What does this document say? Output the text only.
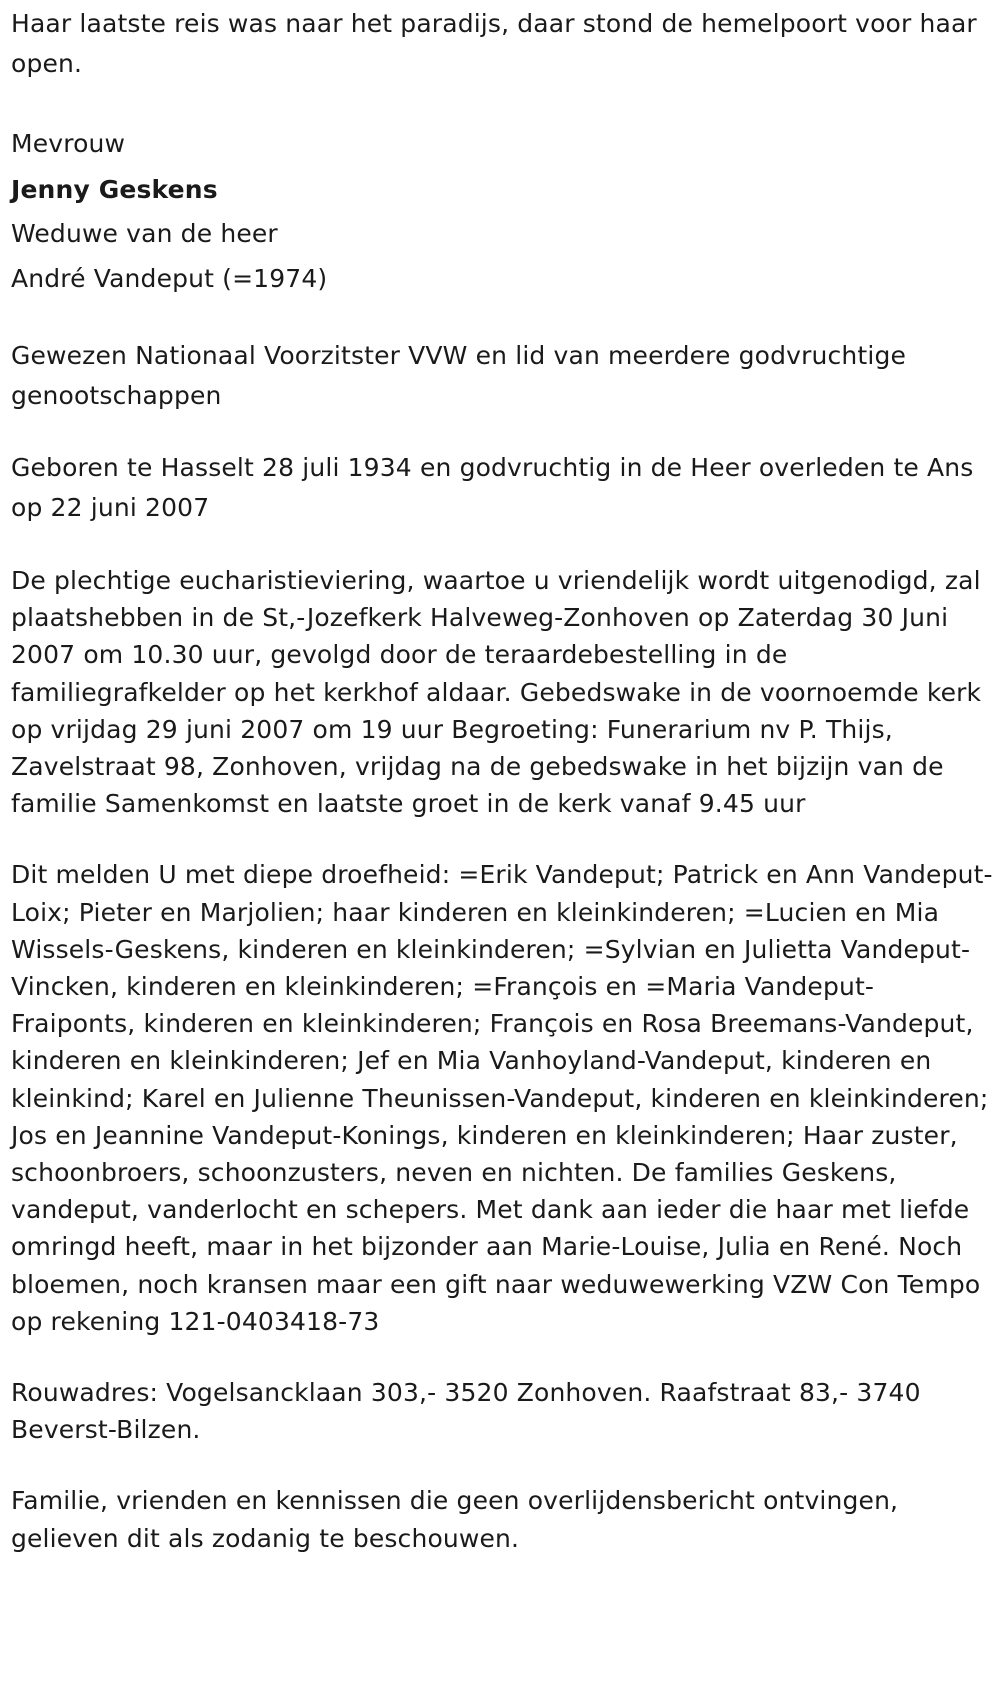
Haar laatste reis was naar het paradijs, daar stond de hemelpoort voor haar open.

Mevrouw

Jenny Geskens

Weduwe van de heer

André Vandeput (=1974)

Gewezen Nationaal Voorzitster VVW en lid van meerdere godvruchtige genootschappen

Geboren te Hasselt 28 juli 1934 en godvruchtig in de Heer overleden te Ans op 22 juni 2007

De plechtige eucharistieviering, waartoe u vriendelijk wordt uitgenodigd, zal plaatshebben in de St,-Jozefkerk Halveweg-Zonhoven op Zaterdag 30 Juni 2007 om 10.30 uur, gevolgd door de teraardebestelling in de familiegrafkelder op het kerkhof aldaar. Gebedswake in de voornoemde kerk op vrijdag 29 juni 2007 om 19 uur Begroeting: Funerarium nv P. Thijs, Zavelstraat 98, Zonhoven, vrijdag na de gebedswake in het bijzijn van de familie Samenkomst en laatste groet in de kerk vanaf 9.45 uur

Dit melden U met diepe droefheid: =Erik Vandeput; Patrick en Ann Vandeput-Loix; Pieter en Marjolien; haar kinderen en kleinkinderen; =Lucien en Mia Wissels-Geskens, kinderen en kleinkinderen; =Sylvian en Julietta Vandeput-Vincken, kinderen en kleinkinderen; =François en =Maria Vandeput-Fraiponts, kinderen en kleinkinderen; François en Rosa Breemans-Vandeput, kinderen en kleinkinderen; Jef en Mia Vanhoyland-Vandeput, kinderen en kleinkind; Karel en Julienne Theunissen-Vandeput, kinderen en kleinkinderen; Jos en Jeannine Vandeput-Konings, kinderen en kleinkinderen; Haar zuster, schoonbroers, schoonzusters, neven en nichten. De families Geskens, vandeput, vanderlocht en schepers. Met dank aan ieder die haar met liefde omringd heeft, maar in het bijzonder aan Marie-Louise, Julia en René. Noch bloemen, noch kransen maar een gift naar weduwewerking VZW Con Tempo op rekening 121-0403418-73

Rouwadres: Vogelsancklaan 303,- 3520 Zonhoven. Raafstraat 83,- 3740 Beverst-Bilzen.

Familie, vrienden en kennissen die geen overlijdensbericht ontvingen, gelieven dit als zodanig te beschouwen.
